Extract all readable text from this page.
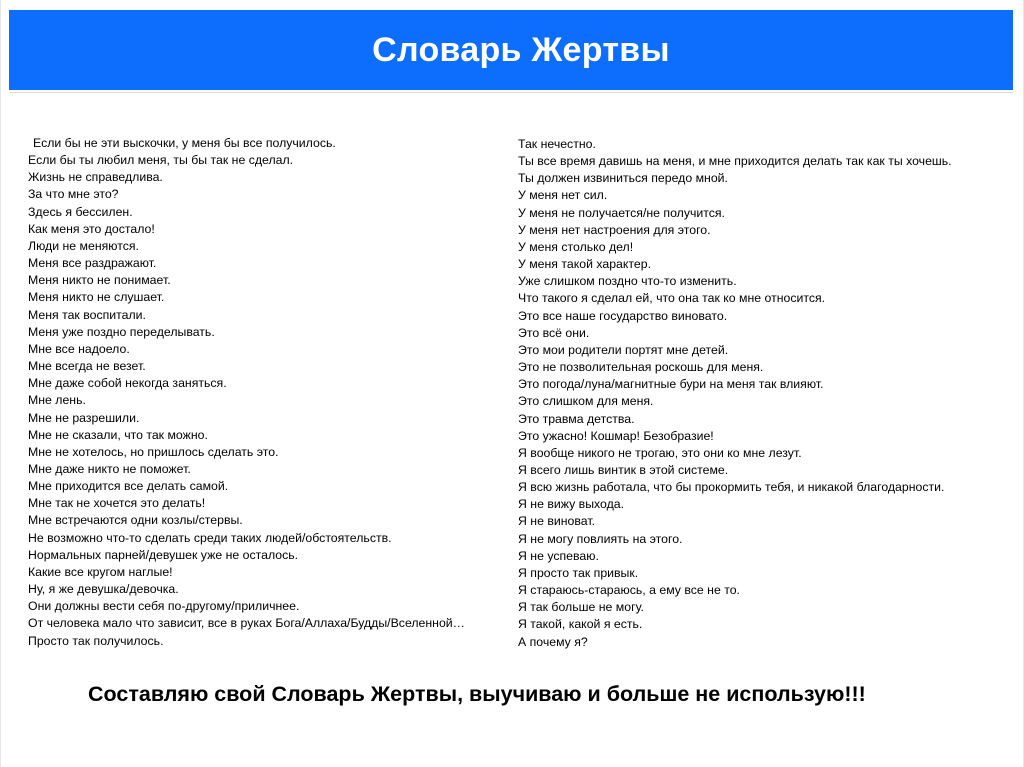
Словарь Жертвы
Если бы не эти выскочки, у меня бы все получилось.
Если бы ты любил меня, ты бы так не сделал.
Жизнь не справедлива.
За что мне это?
Здесь я бессилен.
Как меня это достало!
Люди не меняются.
Меня все раздражают.
Меня никто не понимает.
Меня никто не слушает.
Меня так воспитали.
Меня уже поздно переделывать.
Мне все надоело.
Мне всегда не везет.
Мне даже собой некогда заняться.
Мне лень.
Мне не разрешили.
Мне не сказали, что так можно.
Мне не хотелось, но пришлось сделать это.
Мне даже никто не поможет.
Мне приходится все делать самой.
Мне так не хочется это делать!
Мне встречаются одни козлы/стервы.
Не возможно что-то сделать среди таких людей/обстоятельств.
Нормальных парней/девушек уже не осталось.
Какие все кругом наглые!
Ну, я же девушка/девочка.
Они должны вести себя по-другому/приличнее.
От человека мало что зависит, все в руках Бога/Аллаха/Будды/Вселенной…
Просто так получилось.
Так нечестно.
Ты все время давишь на меня, и мне приходится делать так как ты хочешь.
Ты должен извиниться передо мной.
У меня нет сил.
У меня не получается/не получится.
У меня нет настроения для этого.
У меня столько дел!
У меня такой характер.
Уже слишком поздно что-то изменить.
Что такого я сделал ей, что она так ко мне относится.
Это все наше государство виновато.
Это всё они.
Это мои родители портят мне детей.
Это не позволительная роскошь для меня.
Это погода/луна/магнитные бури на меня так влияют.
Это слишком для меня.
Это травма детства.
Это ужасно! Кошмар! Безобразие!
Я вообще никого не трогаю, это они ко мне лезут.
Я всего лишь винтик в этой системе.
Я всю жизнь работала, что бы прокормить тебя, и никакой благодарности.
Я не вижу выхода.
Я не виноват.
Я не могу повлиять на этого.
Я не успеваю.
Я просто так привык.
Я стараюсь-стараюсь, а ему все не то.
Я так больше не могу.
Я такой, какой я есть.
А почему я?
Составляю свой Словарь Жертвы, выучиваю и больше не использую!!!
